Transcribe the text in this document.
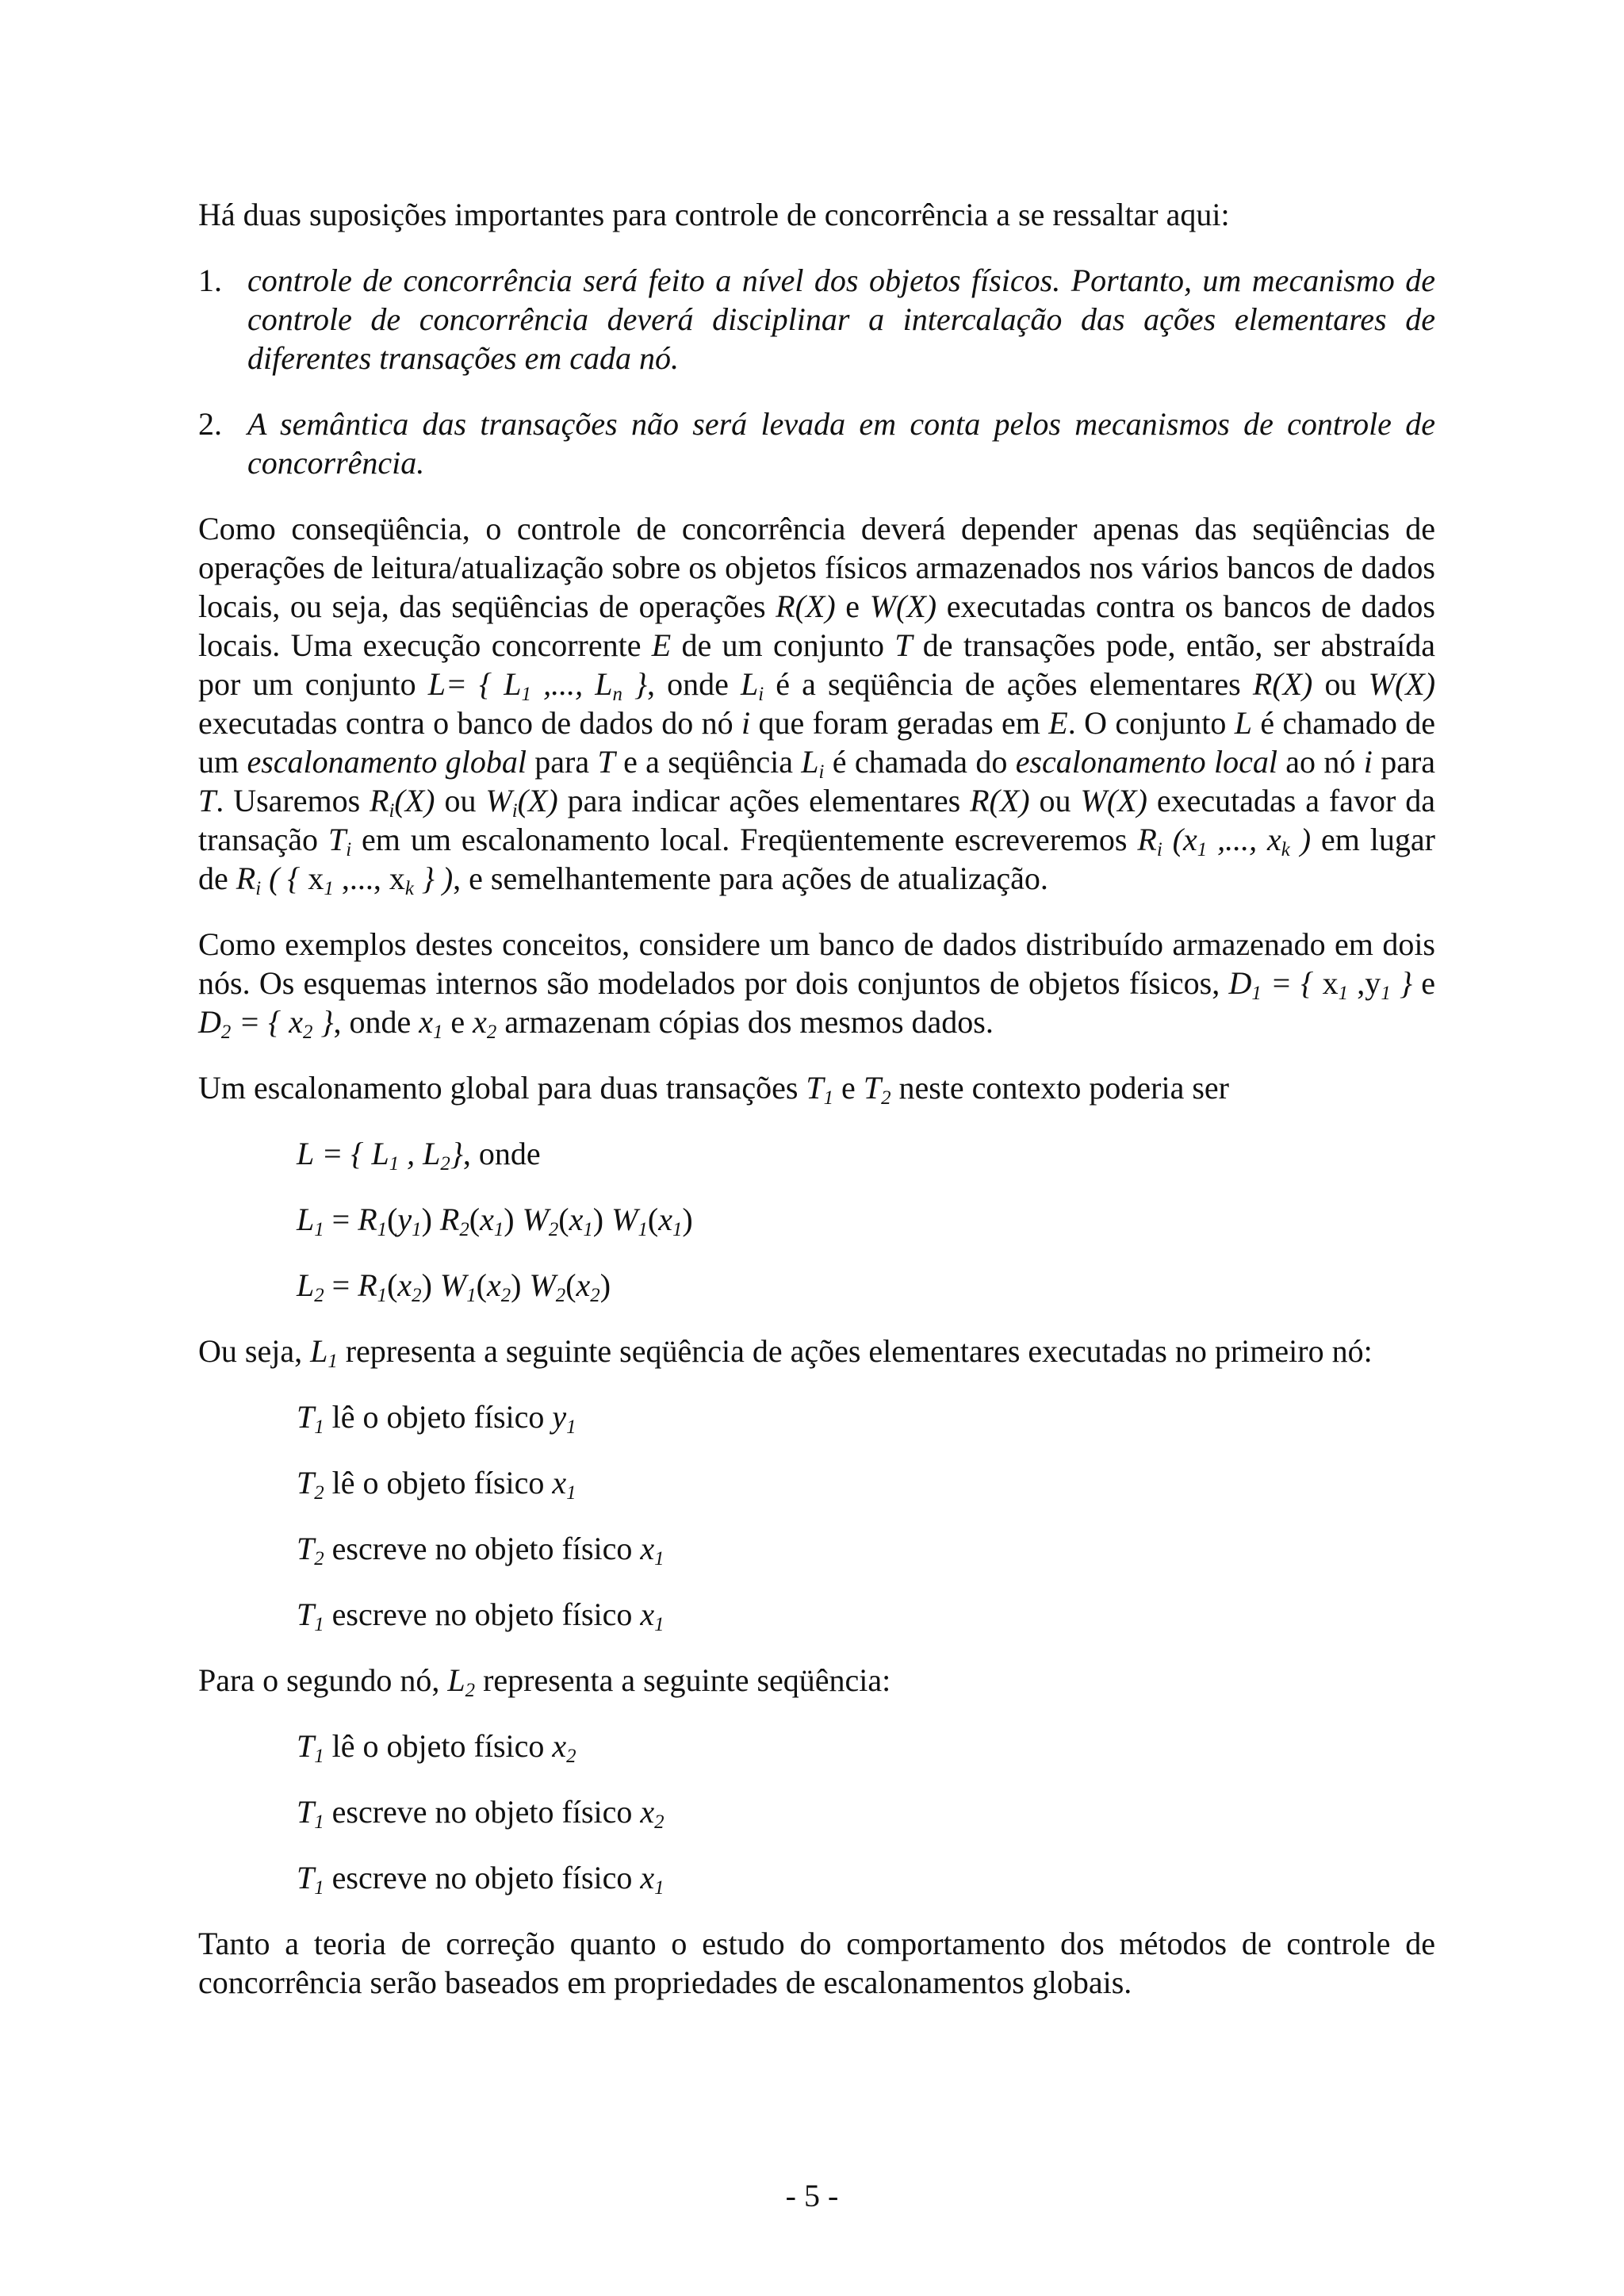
Há duas suposições importantes para controle de concorrência a se ressaltar aqui:

1. controle de concorrência será feito a nível dos objetos físicos. Portanto, um mecanismo de controle de concorrência deverá disciplinar a intercalação das ações elementares de diferentes transações em cada nó.
2. A semântica das transações não será levada em conta pelos mecanismos de controle de concorrência.

Como conseqüência, o controle de concorrência deverá depender apenas das seqüências de operações de leitura/atualização sobre os objetos físicos armazenados nos vários bancos de dados locais, ou seja, das seqüências de operações R(X) e W(X) executadas contra os bancos de dados locais. Uma execução concorrente E de um conjunto T de transações pode, então, ser abstraída por um conjunto L= { $L_1$ ,..., $L_n$ }, onde $L_i$ é a seqüência de ações elementares R(X) ou W(X) executadas contra o banco de dados do nó i que foram geradas em E. O conjunto L é chamado de um escalonamento global para T e a seqüência $L_i$ é chamada do escalonamento local ao nó i para T. Usaremos $R_i(X)$ ou $W_i(X)$ para indicar ações elementares R(X) ou W(X) executadas a favor da transação $T_i$ em um escalonamento local. Freqüentemente escreveremos $R_i$ ($x_1$ ,..., $x_k$ ) em lugar de $R_i$ ( { $x_1$ ,..., $x_k$ } ), e semelhantemente para ações de atualização.

Como exemplos destes conceitos, considere um banco de dados distribuído armazenado em dois nós. Os esquemas internos são modelados por dois conjuntos de objetos físicos, $D_1$ = { $x_1$ $,y_1$ } e $D_2$ = { $x_2$ }, onde $x_1$ e $x_2$ armazenam cópias dos mesmos dados.

Um escalonamento global para duas transações $T_1$ e $T_2$ neste contexto poderia ser

L = { $L_1$ , $L_2$}, onde
$L_1 = R_1(y_1)$ $R_2(x_1)$ $W_2(x_1)$ $W_1(x_1)$
$L_2 = R_1(x_2)$ $W_1(x_2)$ $W_2(x_2)$

Ou seja, $L_1$ representa a seguinte seqüência de ações elementares executadas no primeiro nó:

$T_1$ lê o objeto físico $y_1$
$T_2$ lê o objeto físico $x_1$
$T_2$ escreve no objeto físico $x_1$
$T_1$ escreve no objeto físico $x_1$

Para o segundo nó, $L_2$ representa a seguinte seqüência:

$T_1$ lê o objeto físico $x_2$
$T_1$ escreve no objeto físico $x_2$
$T_1$ escreve no objeto físico $x_1$

Tanto a teoria de correção quanto o estudo do comportamento dos métodos de controle de concorrência serão baseados em propriedades de escalonamentos globais.

- 5 -
